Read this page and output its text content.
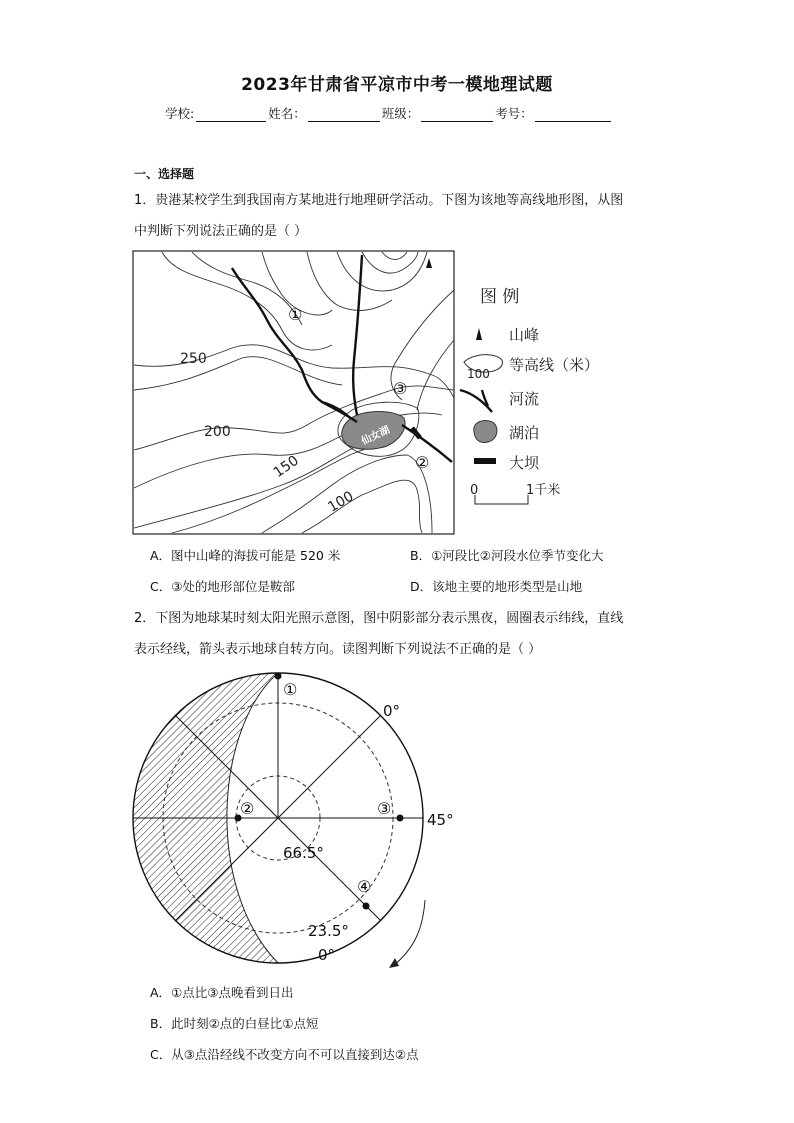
2023年甘肃省平凉市中考一模地理试题
学校:	姓名：	班级：	考号：
一、选择题
1．贵港某校学生到我国南方某地进行地理研学活动。下图为该地等高线地形图，从图
中判断下列说法正确的是（ ）
仙女湖
250
200
150
100
①
②
③
图 例
山峰
100 等高线（米）
河流
湖泊
大坝
0	1千米
A．图中山峰的海拔可能是 520 米	B．①河段比②河段水位季节变化大
C．③处的地形部位是鞍部	D．该地主要的地形类型是山地
2．下图为地球某时刻太阳光照示意图，图中阴影部分表示黑夜，圆圈表示纬线，直线
表示经线，箭头表示地球自转方向。读图判断下列说法不正确的是（ ）
①
②	③
④
0°
45°
66.5°
23.5°
0°
A．①点比③点晚看到日出
B．此时刻②点的白昼比①点短
C．从③点沿经线不改变方向不可以直接到达②点
